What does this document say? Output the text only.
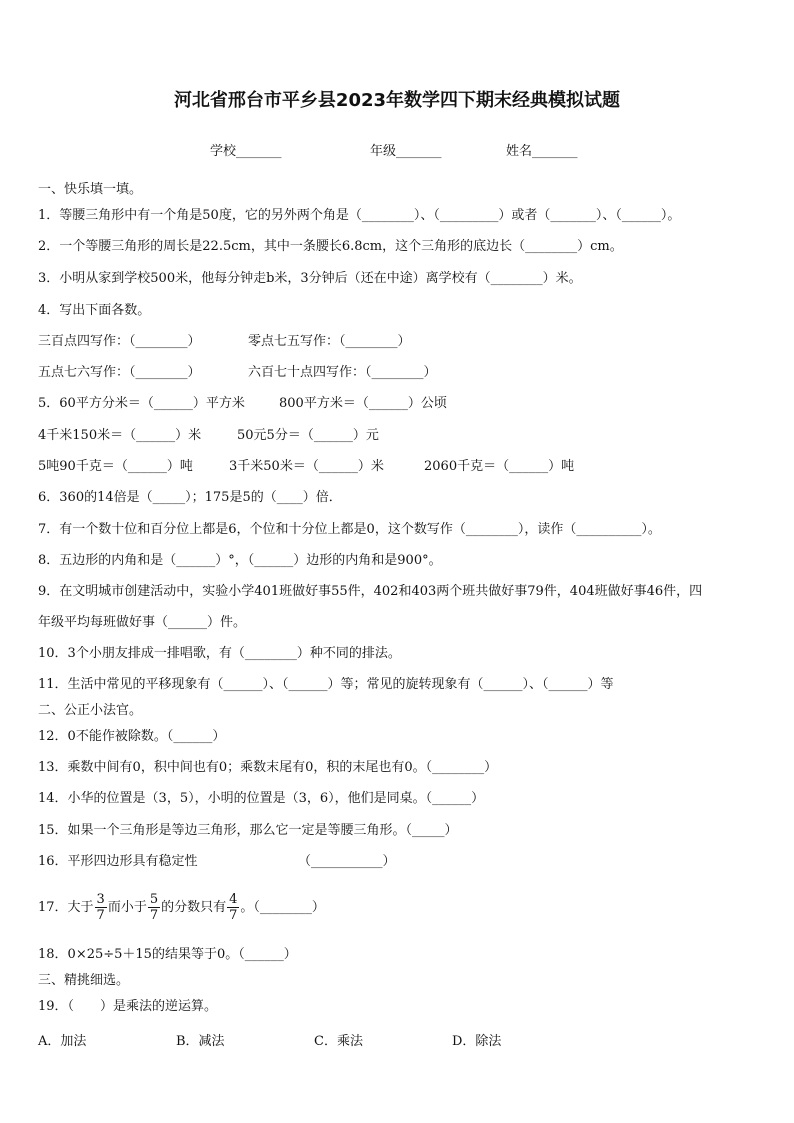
河北省邢台市平乡县2023年数学四下期末经典模拟试题
学校_______	年级_______	姓名_______
一、快乐填一填。
1．等腰三角形中有一个角是50度，它的另外两个角是（________）、（_________）或者（_______）、（______）。
2．一个等腰三角形的周长是22.5cm，其中一条腰长6.8cm，这个三角形的底边长（________）cm。
3．小明从家到学校500米，他每分钟走b米，3分钟后（还在中途）离学校有（________）米。
4．写出下面各数。
三百点四写作：（________）	零点七五写作：（________）
五点七六写作：（________）	六百七十点四写作：（________）
5．60平方分米＝（______）平方米	800平方米＝（______）公顷
4千米150米＝（______）米	50元5分＝（______）元
5吨90千克＝（______）吨	3千米50米＝（______）米	2060千克＝（______）吨
6．360的14倍是（_____）；175是5的（____）倍．
7．有一个数十位和百分位上都是6，个位和十分位上都是0，这个数写作（________），读作（__________）。
8．五边形的内角和是（______）°，（______）边形的内角和是900°。
9．在文明城市创建活动中，实验小学401班做好事55件，402和403两个班共做好事79件，404班做好事46件，四
年级平均每班做好事（______）件。
10．3个小朋友排成一排唱歌，有（________）种不同的排法。
11．生活中常见的平移现象有（______）、（______）等；常见的旋转现象有（______）、（______）等
二、公正小法官。
12．0不能作被除数。（______）
13．乘数中间有0，积中间也有0；乘数末尾有0，积的末尾也有0。（________）
14．小华的位置是（3，5），小明的位置是（3，6），他们是同桌。（______）
15．如果一个三角形是等边三角形，那么它一定是等腰三角形。（_____）
16．平形四边形具有稳定性	（___________）
17．大于 $\frac{3}{7}$ 而小于 $\frac{5}{7}$ 的分数只有 $\frac{4}{7}$ 。（________）
18．0×25÷5＋15的结果等于0。（______）
三、精挑细选。
19．（　　）是乘法的逆运算。
A．加法	B．减法	C．乘法	D．除法
